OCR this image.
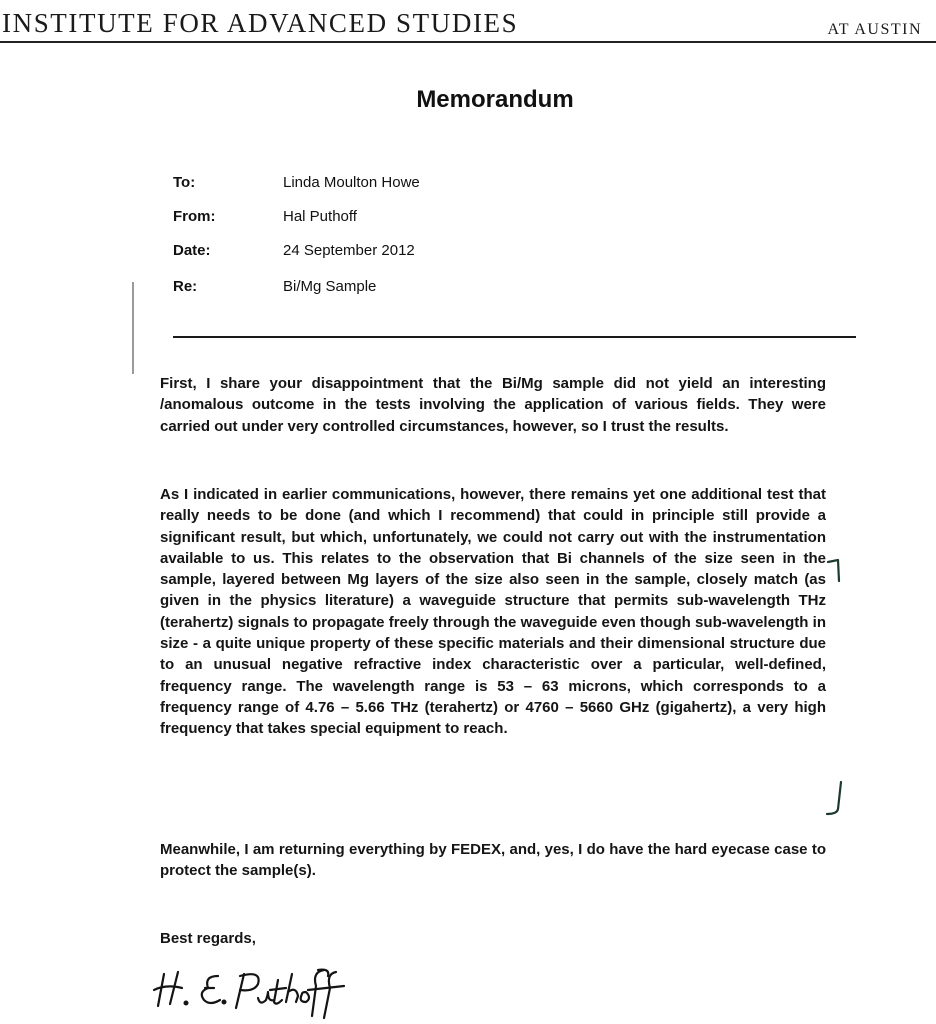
INSTITUTE FOR ADVANCED STUDIES	AT AUSTIN
Memorandum
To:	Linda Moulton Howe
From:	Hal Puthoff
Date:	24 September 2012
Re:	Bi/Mg Sample

First, I share your disappointment that the Bi/Mg sample did not yield an interesting /anomalous outcome in the tests involving the application of various fields. They were carried out under very controlled circumstances, however, so I trust the results.

As I indicated in earlier communications, however, there remains yet one additional test that really needs to be done (and which I recommend) that could in principle still provide a significant result, but which, unfortunately, we could not carry out with the instrumentation available to us. This relates to the observation that Bi channels of the size seen in the sample, layered between Mg layers of the size also seen in the sample, closely match (as given in the physics literature) a waveguide structure that permits sub-wavelength THz (terahertz) signals to propagate freely through the waveguide even though sub-wavelength in size - a quite unique property of these specific materials and their dimensional structure due to an unusual negative refractive index characteristic over a particular, well-defined, frequency range. The wavelength range is 53 – 63 microns, which corresponds to a frequency range of 4.76 – 5.66 THz (terahertz) or 4760 – 5660 GHz (gigahertz), a very high frequency that takes special equipment to reach.

Meanwhile, I am returning everything by FEDEX, and, yes, I do have the hard eyecase case to protect the sample(s).

Best regards,
